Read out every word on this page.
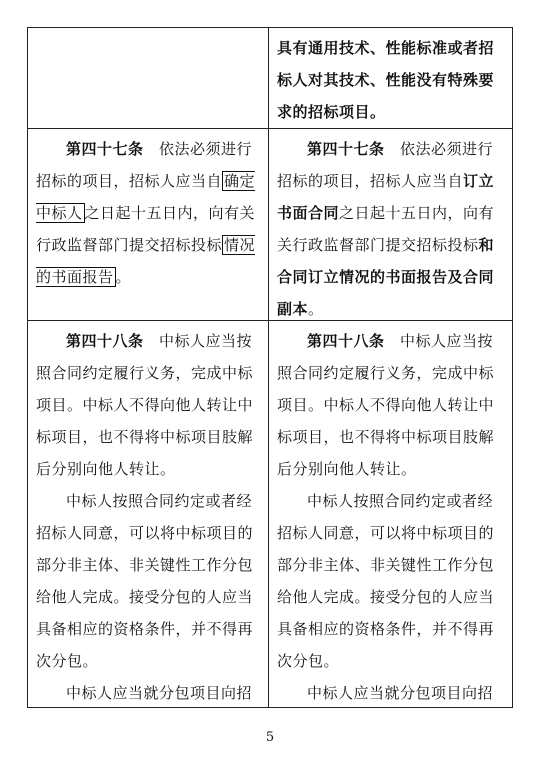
具有通用技术、性能标准或者招标人对其技术、性能没有特殊要求的招标项目。

第四十七条　依法必须进行招标的项目，招标人应当自 确定中标人 之日起十五日内，向有关行政监督部门提交招标投标 情况的书面报告 。

第四十七条　依法必须进行招标的项目，招标人应当自订立书面合同之日起十五日内，向有关行政监督部门提交招标投标和合同订立情况的书面报告及合同副本。

第四十八条　中标人应当按照合同约定履行义务，完成中标项目。中标人不得向他人转让中标项目，也不得将中标项目肢解后分别向他人转让。

中标人按照合同约定或者经招标人同意，可以将中标项目的部分非主体、非关键性工作分包给他人完成。接受分包的人应当具备相应的资格条件，并不得再次分包。

中标人应当就分包项目向招

第四十八条　中标人应当按照合同约定履行义务，完成中标项目。中标人不得向他人转让中标项目，也不得将中标项目肢解后分别向他人转让。

中标人按照合同约定或者经招标人同意，可以将中标项目的部分非主体、非关键性工作分包给他人完成。接受分包的人应当具备相应的资格条件，并不得再次分包。

中标人应当就分包项目向招

5
